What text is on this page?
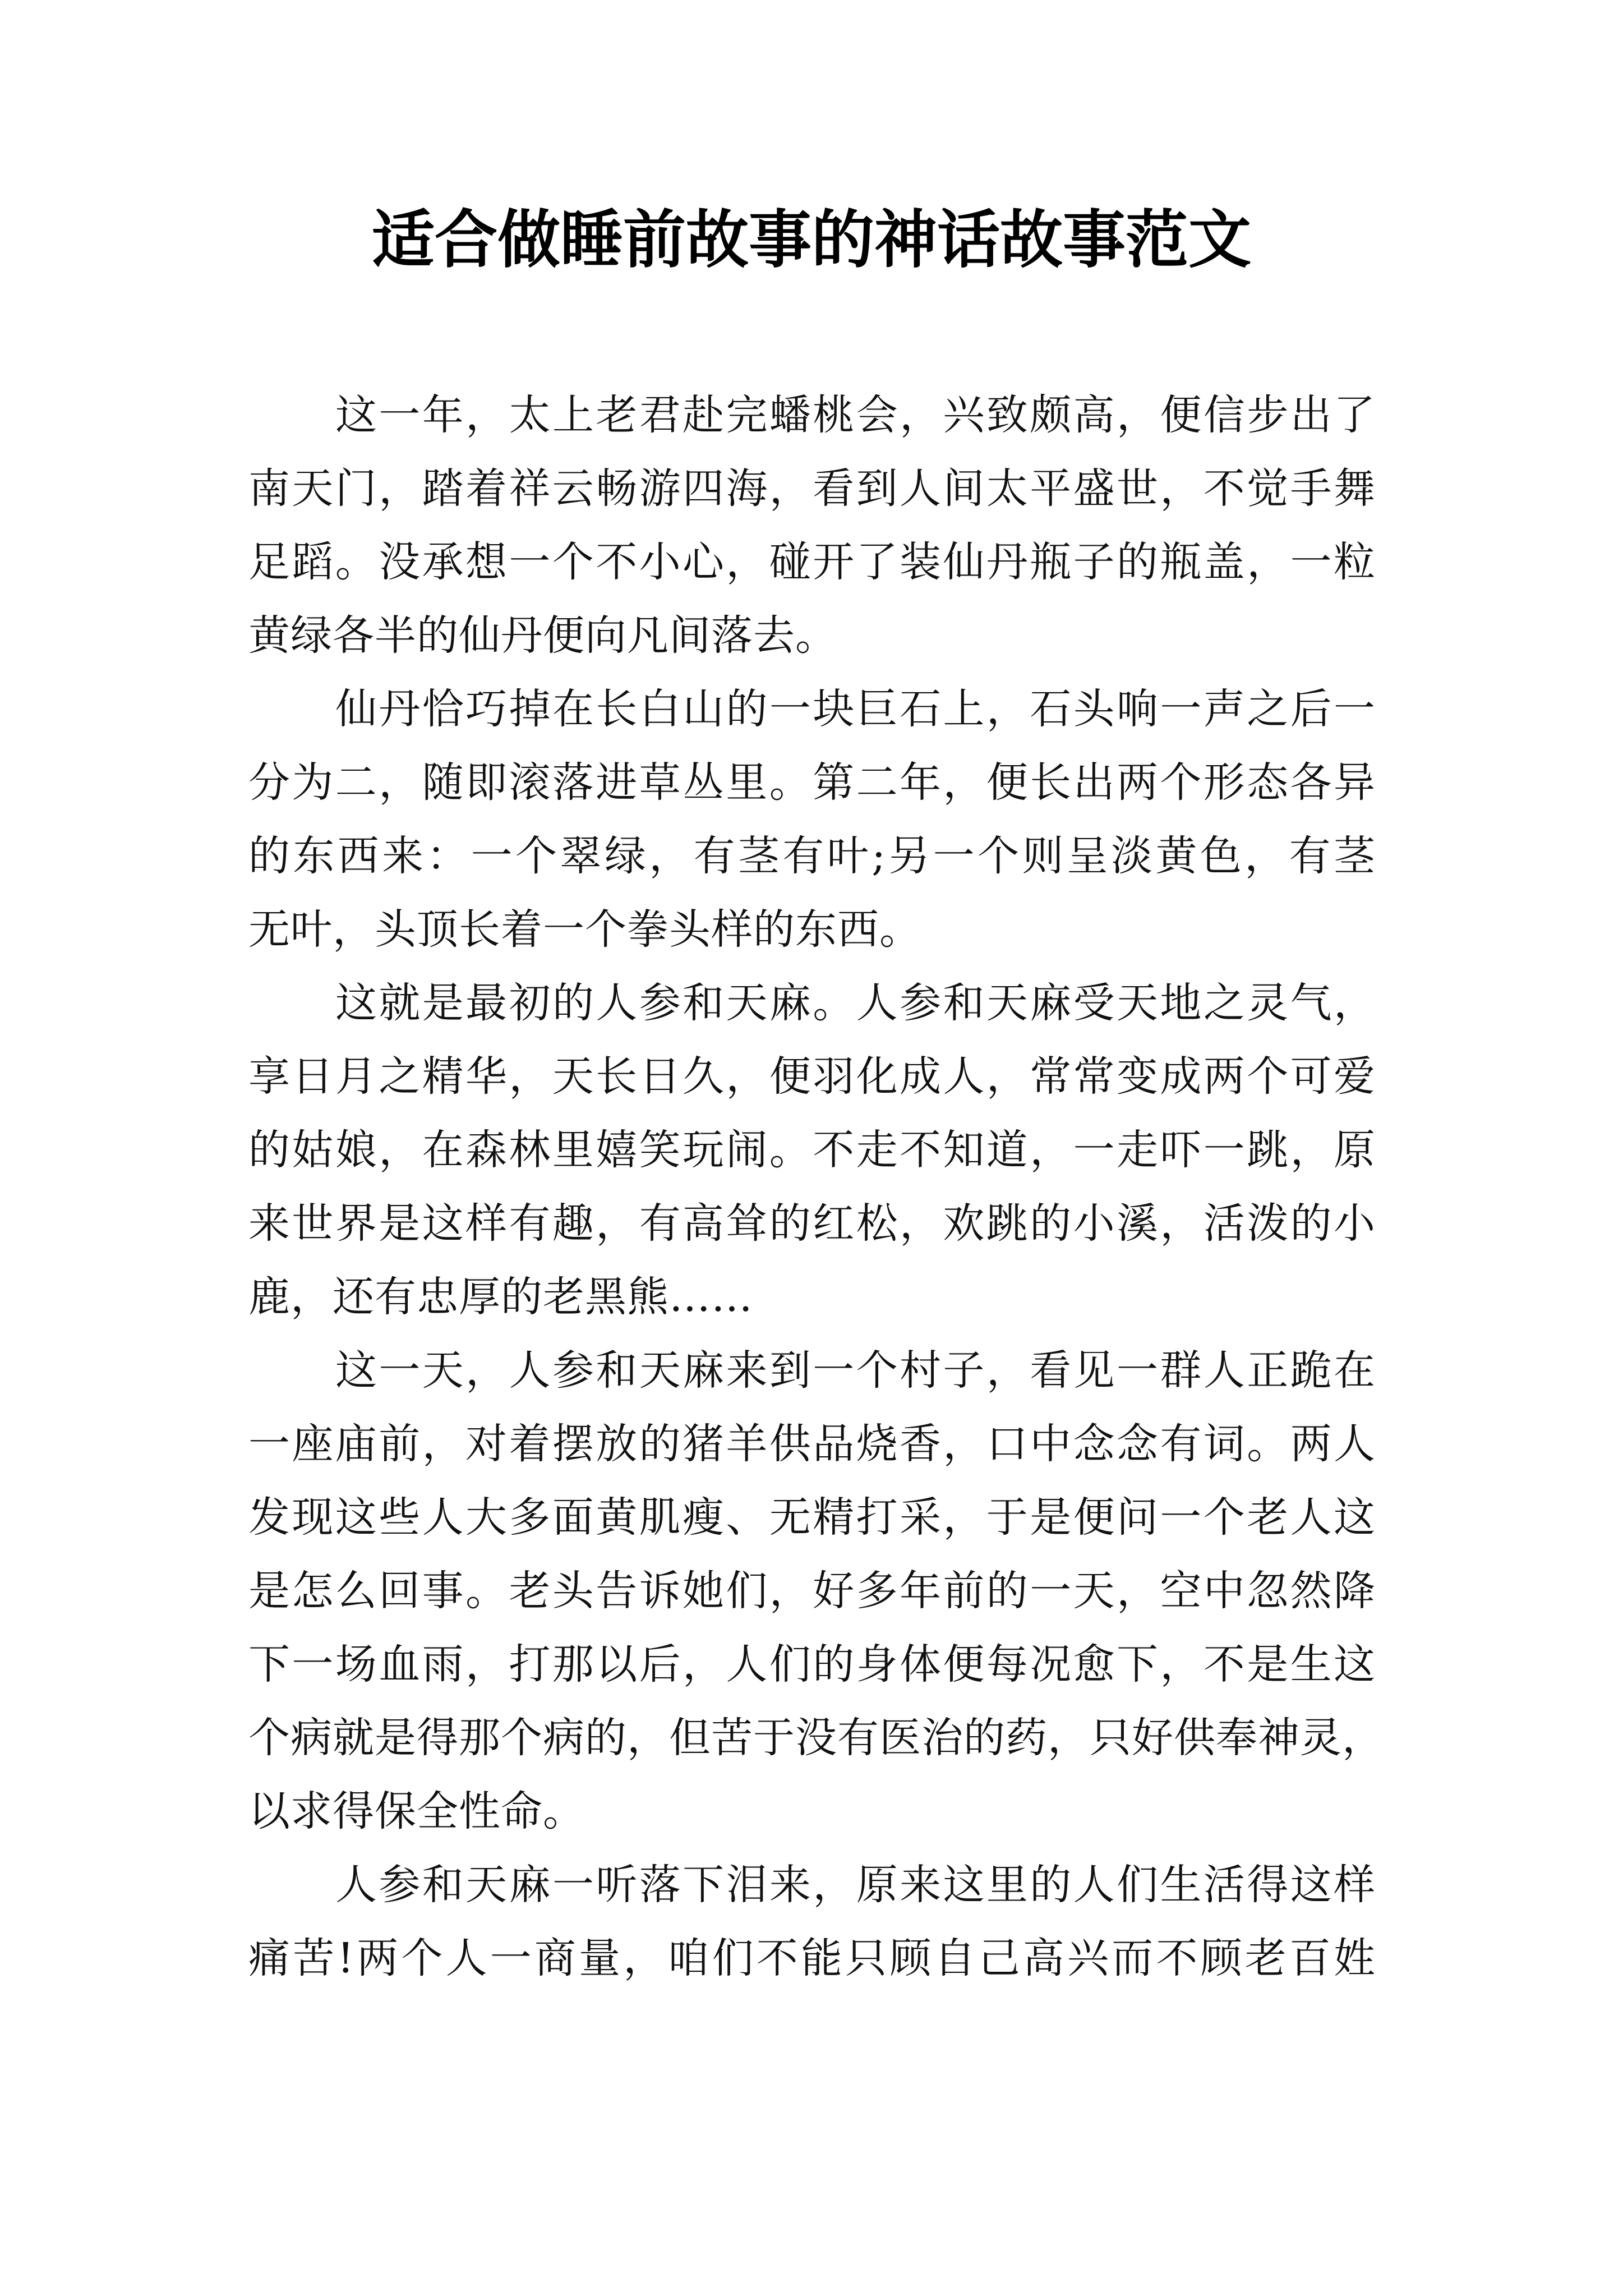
适合做睡前故事的神话故事范文
这一年，太上老君赴完蟠桃会，兴致颇高，便信步出了
南天门，踏着祥云畅游四海，看到人间太平盛世，不觉手舞
足蹈。没承想一个不小心，碰开了装仙丹瓶子的瓶盖，一粒
黄绿各半的仙丹便向凡间落去。
仙丹恰巧掉在长白山的一块巨石上，石头响一声之后一
分为二，随即滚落进草丛里。第二年，便长出两个形态各异
的东西来：一个翠绿，有茎有叶;另一个则呈淡黄色，有茎
无叶，头顶长着一个拳头样的东西。
这就是最初的人参和天麻。人参和天麻受天地之灵气，
享日月之精华，天长日久，便羽化成人，常常变成两个可爱
的姑娘，在森林里嬉笑玩闹。不走不知道，一走吓一跳，原
来世界是这样有趣，有高耸的红松，欢跳的小溪，活泼的小
鹿，还有忠厚的老黑熊……
这一天，人参和天麻来到一个村子，看见一群人正跪在
一座庙前，对着摆放的猪羊供品烧香，口中念念有词。两人
发现这些人大多面黄肌瘦、无精打采，于是便问一个老人这
是怎么回事。老头告诉她们，好多年前的一天，空中忽然降
下一场血雨，打那以后，人们的身体便每况愈下，不是生这
个病就是得那个病的，但苦于没有医治的药，只好供奉神灵，
以求得保全性命。
人参和天麻一听落下泪来，原来这里的人们生活得这样
痛苦!两个人一商量，咱们不能只顾自己高兴而不顾老百姓
